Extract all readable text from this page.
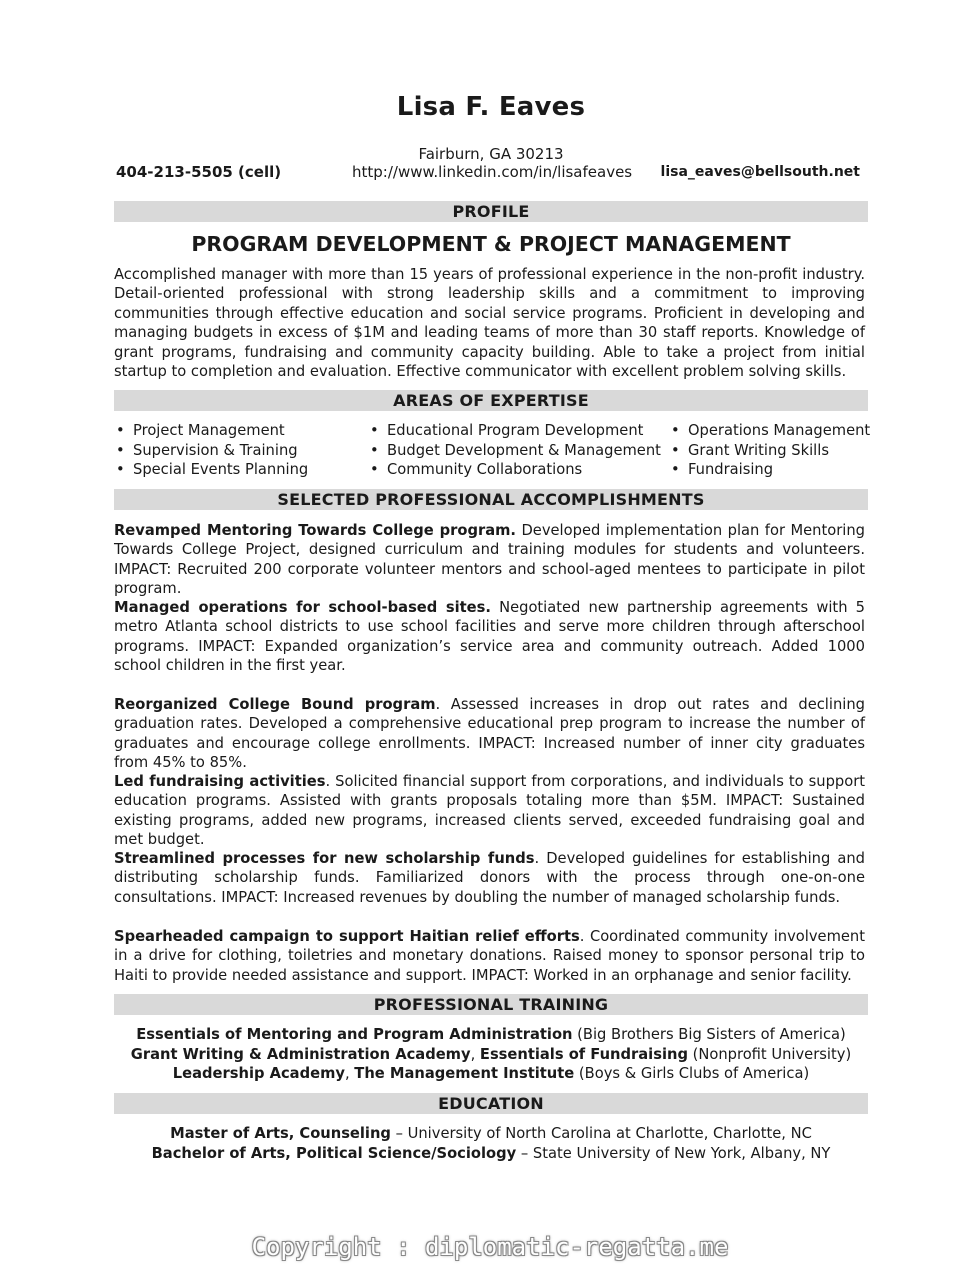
Lisa F. Eaves
Fairburn, GA 30213
404-213-5505 (cell)	http://www.linkedin.com/in/lisafeaves lisa_eaves@bellsouth.net
PROFILE
PROGRAM DEVELOPMENT & PROJECT MANAGEMENT
Accomplished manager with more than 15 years of professional experience in the non-profit industry. Detail-oriented professional with strong leadership skills and a commitment to improving communities through effective education and social service programs. Proficient in developing and managing budgets in excess of $1M and leading teams of more than 30 staff reports. Knowledge of grant programs, fundraising and community capacity building. Able to take a project from initial startup to completion and evaluation. Effective communicator with excellent problem solving skills.
AREAS OF EXPERTISE
• Project Management
• Supervision & Training
• Special Events Planning
• Educational Program Development
• Budget Development & Management
• Community Collaborations
• Operations Management
• Grant Writing Skills
• Fundraising
SELECTED PROFESSIONAL ACCOMPLISHMENTS
Revamped Mentoring Towards College program. Developed implementation plan for Mentoring Towards College Project, designed curriculum and training modules for students and volunteers. IMPACT: Recruited 200 corporate volunteer mentors and school-aged mentees to participate in pilot program.
Managed operations for school-based sites. Negotiated new partnership agreements with 5 metro Atlanta school districts to use school facilities and serve more children through afterschool programs. IMPACT: Expanded organization’s service area and community outreach. Added 1000 school children in the first year.
Reorganized College Bound program. Assessed increases in drop out rates and declining graduation rates. Developed a comprehensive educational prep program to increase the number of graduates and encourage college enrollments. IMPACT: Increased number of inner city graduates from 45% to 85%.
Led fundraising activities. Solicited financial support from corporations, and individuals to support education programs. Assisted with grants proposals totaling more than $5M. IMPACT: Sustained existing programs, added new programs, increased clients served, exceeded fundraising goal and met budget.
Streamlined processes for new scholarship funds. Developed guidelines for establishing and distributing scholarship funds. Familiarized donors with the process through one-on-one consultations. IMPACT: Increased revenues by doubling the number of managed scholarship funds.
Spearheaded campaign to support Haitian relief efforts. Coordinated community involvement in a drive for clothing, toiletries and monetary donations. Raised money to sponsor personal trip to Haiti to provide needed assistance and support. IMPACT: Worked in an orphanage and senior facility.
PROFESSIONAL TRAINING
Essentials of Mentoring and Program Administration (Big Brothers Big Sisters of America)
Grant Writing & Administration Academy, Essentials of Fundraising (Nonprofit University)
Leadership Academy, The Management Institute (Boys & Girls Clubs of America)
EDUCATION
Master of Arts, Counseling – University of North Carolina at Charlotte, Charlotte, NC
Bachelor of Arts, Political Science/Sociology – State University of New York, Albany, NY
Copyright : diplomatic-regatta.me
